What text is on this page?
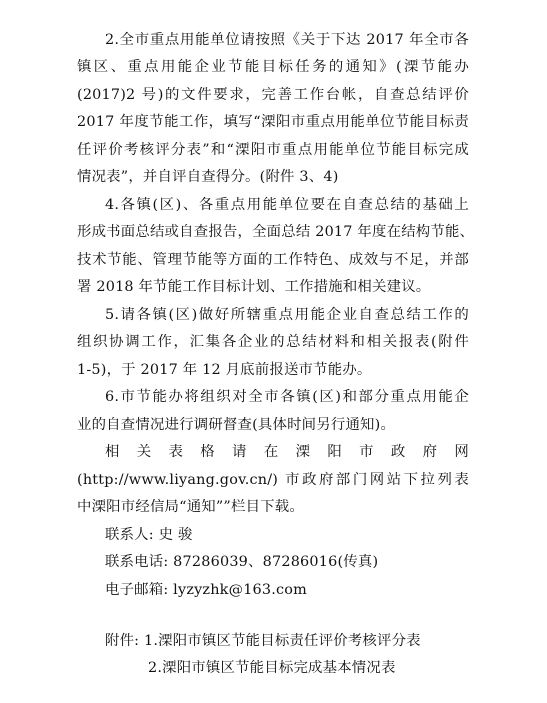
2.全市重点用能单位请按照《关于下达 2017 年全市各
镇区、重点用能企业节能目标任务的通知》(溧节能办
(2017)2 号)的文件要求，完善工作台帐，自查总结评价
2017 年度节能工作，填写“溧阳市重点用能单位节能目标责
任评价考核评分表”和“溧阳市重点用能单位节能目标完成
情况表”，并自评自查得分。(附件 3、4)
4.各镇(区)、各重点用能单位要在自查总结的基础上
形成书面总结或自查报告，全面总结 2017 年度在结构节能、
技术节能、管理节能等方面的工作特色、成效与不足，并部
署 2018 年节能工作目标计划、工作措施和相关建议。
5.请各镇(区)做好所辖重点用能企业自查总结工作的
组织协调工作，汇集各企业的总结材料和相关报表(附件
1-5)，于 2017 年 12 月底前报送市节能办。
6.市节能办将组织对全市各镇(区)和部分重点用能企
业的自查情况进行调研督查(具体时间另行通知)。
相 关 表 格 请 在 溧 阳 市 政 府 网
(http://www.liyang.gov.cn/) 市政府部门网站下拉列表
中溧阳市经信局“通知””栏目下载。
联系人: 史 骏
联系电话: 87286039、87286016(传真)
电子邮箱: lyzyzhk@163.com
附件: 1.溧阳市镇区节能目标责任评价考核评分表
2.溧阳市镇区节能目标完成基本情况表
